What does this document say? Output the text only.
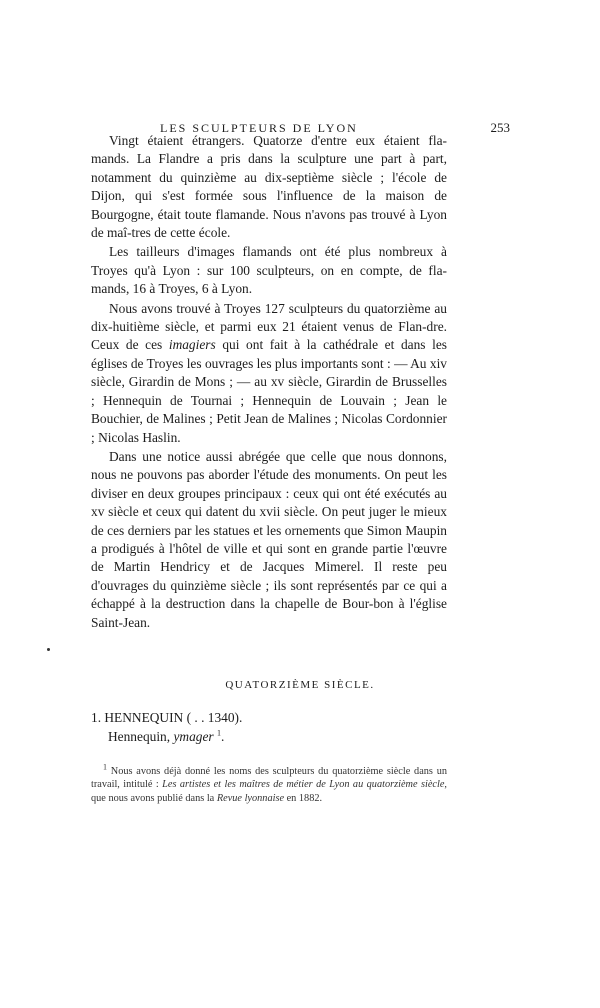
LES SCULPTEURS DE LYON	253

Vingt étaient étrangers. Quatorze d'entre eux étaient fla-mands. La Flandre a pris dans la sculpture une part à part, notamment du quinzième au dix-septième siècle ; l'école de Dijon, qui s'est formée sous l'influence de la maison de Bourgogne, était toute flamande. Nous n'avons pas trouvé à Lyon de maî-tres de cette école.

Les tailleurs d'images flamands ont été plus nombreux à Troyes qu'à Lyon : sur 100 sculpteurs, on en compte, de fla-mands, 16 à Troyes, 6 à Lyon.

Nous avons trouvé à Troyes 127 sculpteurs du quatorzième au dix-huitième siècle, et parmi eux 21 étaient venus de Flan-dre. Ceux de ces imagiers qui ont fait à la cathédrale et dans les églises de Troyes les ouvrages les plus importants sont : — Au xiv siècle, Girardin de Mons ; — au xv siècle, Girardin de Brusselles ; Hennequin de Tournai ; Hennequin de Louvain ; Jean le Bouchier, de Malines ; Petit Jean de Malines ; Nicolas Cordonnier ; Nicolas Haslin.

Dans une notice aussi abrégée que celle que nous donnons, nous ne pouvons pas aborder l'étude des monuments. On peut les diviser en deux groupes principaux : ceux qui ont été exécutés au xv siècle et ceux qui datent du xvii siècle. On peut juger le mieux de ces derniers par les statues et les ornements que Simon Maupin a prodigués à l'hôtel de ville et qui sont en grande partie l'œuvre de Martin Hendricy et de Jacques Mimerel. Il reste peu d'ouvrages du quinzième siècle ; ils sont représentés par ce qui a échappé à la destruction dans la chapelle de Bour-bon à l'église Saint-Jean.

QUATORZIÈME SIÈCLE.
1. HENNEQUIN ( . . 1340).
Hennequin, ymager $^1$.
$^1$ Nous avons déjà donné les noms des sculpteurs du quatorzième siècle dans un travail, intitulé : Les artistes et les maîtres de métier de Lyon au quatorzième siècle, que nous avons publié dans la Revue lyonnaise en 1882.
